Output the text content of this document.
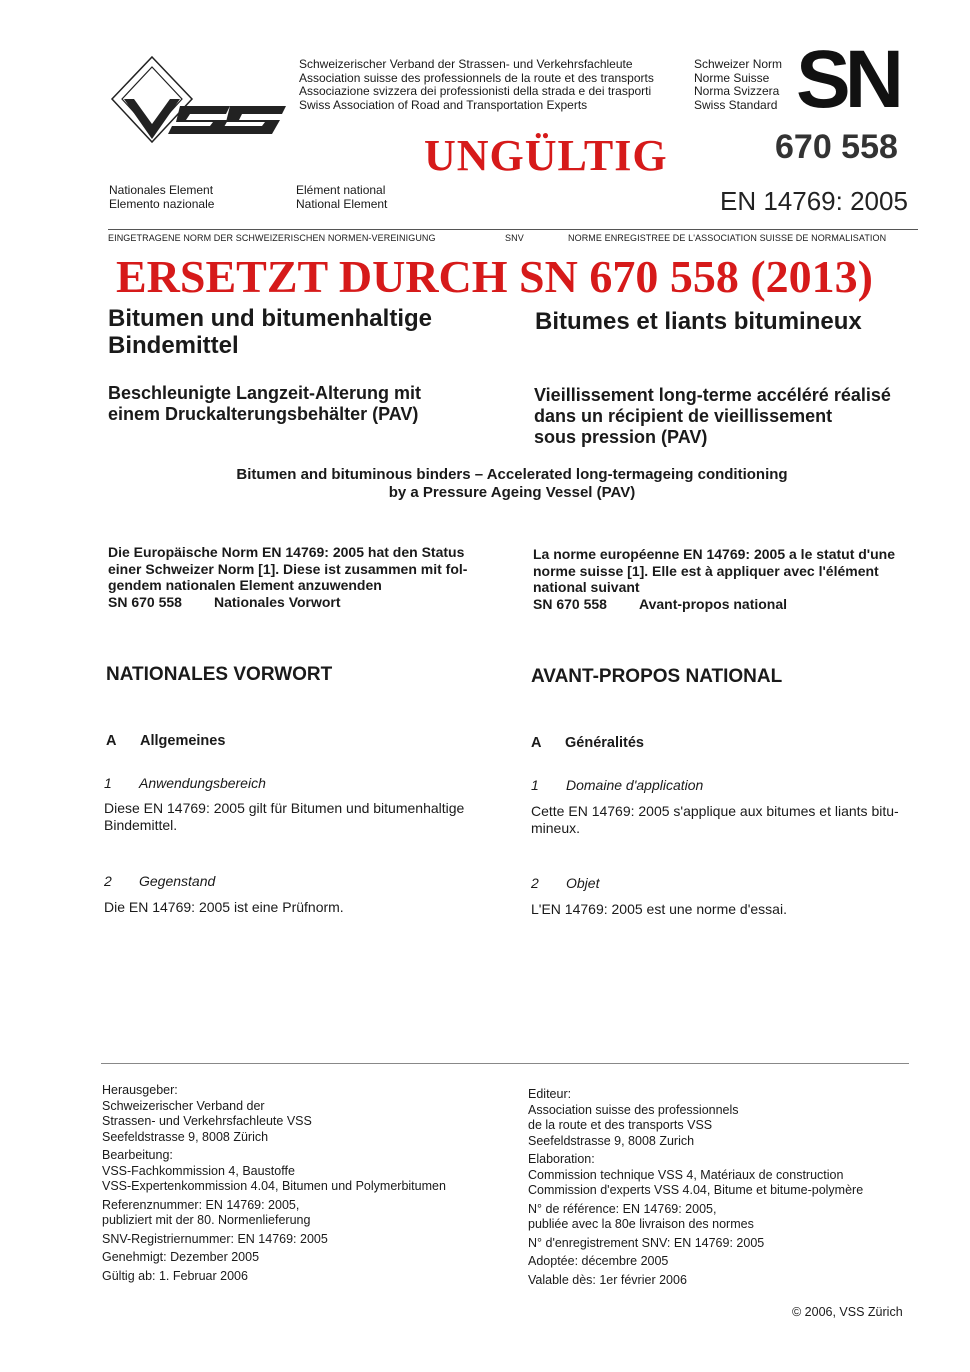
Schweizerischer Verband der Strassen- und Verkehrsfachleute
Association suisse des professionnels de la route et des transports
Associazione svizzera dei professionisti della strada e dei trasporti
Swiss Association of Road and Transportation Experts
Schweizer Norm
Norme Suisse
Norma Svizzera
Swiss Standard SN
670 558
UNGÜLTIG
Nationales Element
Elemento nazionale
Elément national
National Element	EN 14769: 2005
EINGETRAGENE NORM DER SCHWEIZERISCHEN NORMEN-VEREINIGUNG	SNV	NORME ENREGISTREE DE L'ASSOCIATION SUISSE DE NORMALISATION
ERSETZT DURCH SN 670 558 (2013)
Bitumen und bitumenhaltige
Bindemittel
Bitumes et liants bitumineux
Beschleunigte Langzeit-Alterung mit
einem Druckalterungsbehälter (PAV)
Vieillissement long-terme accéléré réalisé
dans un récipient de vieillissement
sous pression (PAV)
Bitumen and bituminous binders – Accelerated long-termageing conditioning
by a Pressure Ageing Vessel (PAV)
Die Europäische Norm EN 14769: 2005 hat den Status
einer Schweizer Norm [1]. Diese ist zusammen mit fol-
gendem nationalen Element anzuwenden
SN 670 558 Nationales Vorwort
La norme européenne EN 14769: 2005 a le statut d'une
norme suisse [1]. Elle est à appliquer avec l'élément
national suivant
SN 670 558 Avant-propos national
NATIONALES VORWORT	AVANT-PROPOS NATIONAL
A Allgemeines	A Généralités
1 Anwendungsbereich	1 Domaine d'application
Diese EN 14769: 2005 gilt für Bitumen und bitumenhaltige
Bindemittel.
Cette EN 14769: 2005 s'applique aux bitumes et liants bitu-
mineux.
2 Gegenstand	2 Objet
Die EN 14769: 2005 ist eine Prüfnorm.	L'EN 14769: 2005 est une norme d'essai.
Herausgeber:
Schweizerischer Verband der
Strassen- und Verkehrsfachleute VSS
Seefeldstrasse 9, 8008 Zürich
Bearbeitung:
VSS-Fachkommission 4, Baustoffe
VSS-Expertenkommission 4.04, Bitumen und Polymerbitumen
Referenznummer: EN 14769: 2005,
publiziert mit der 80. Normenlieferung
SNV-Registriernummer: EN 14769: 2005
Genehmigt: Dezember 2005
Gültig ab: 1. Februar 2006
Editeur:
Association suisse des professionnels
de la route et des transports VSS
Seefeldstrasse 9, 8008 Zurich
Elaboration:
Commission technique VSS 4, Matériaux de construction
Commission d'experts VSS 4.04, Bitume et bitume-polymère
N° de référence: EN 14769: 2005,
publiée avec la 80e livraison des normes
N° d'enregistrement SNV: EN 14769: 2005
Adoptée: décembre 2005
Valable dès: 1er février 2006
© 2006, VSS Zürich
